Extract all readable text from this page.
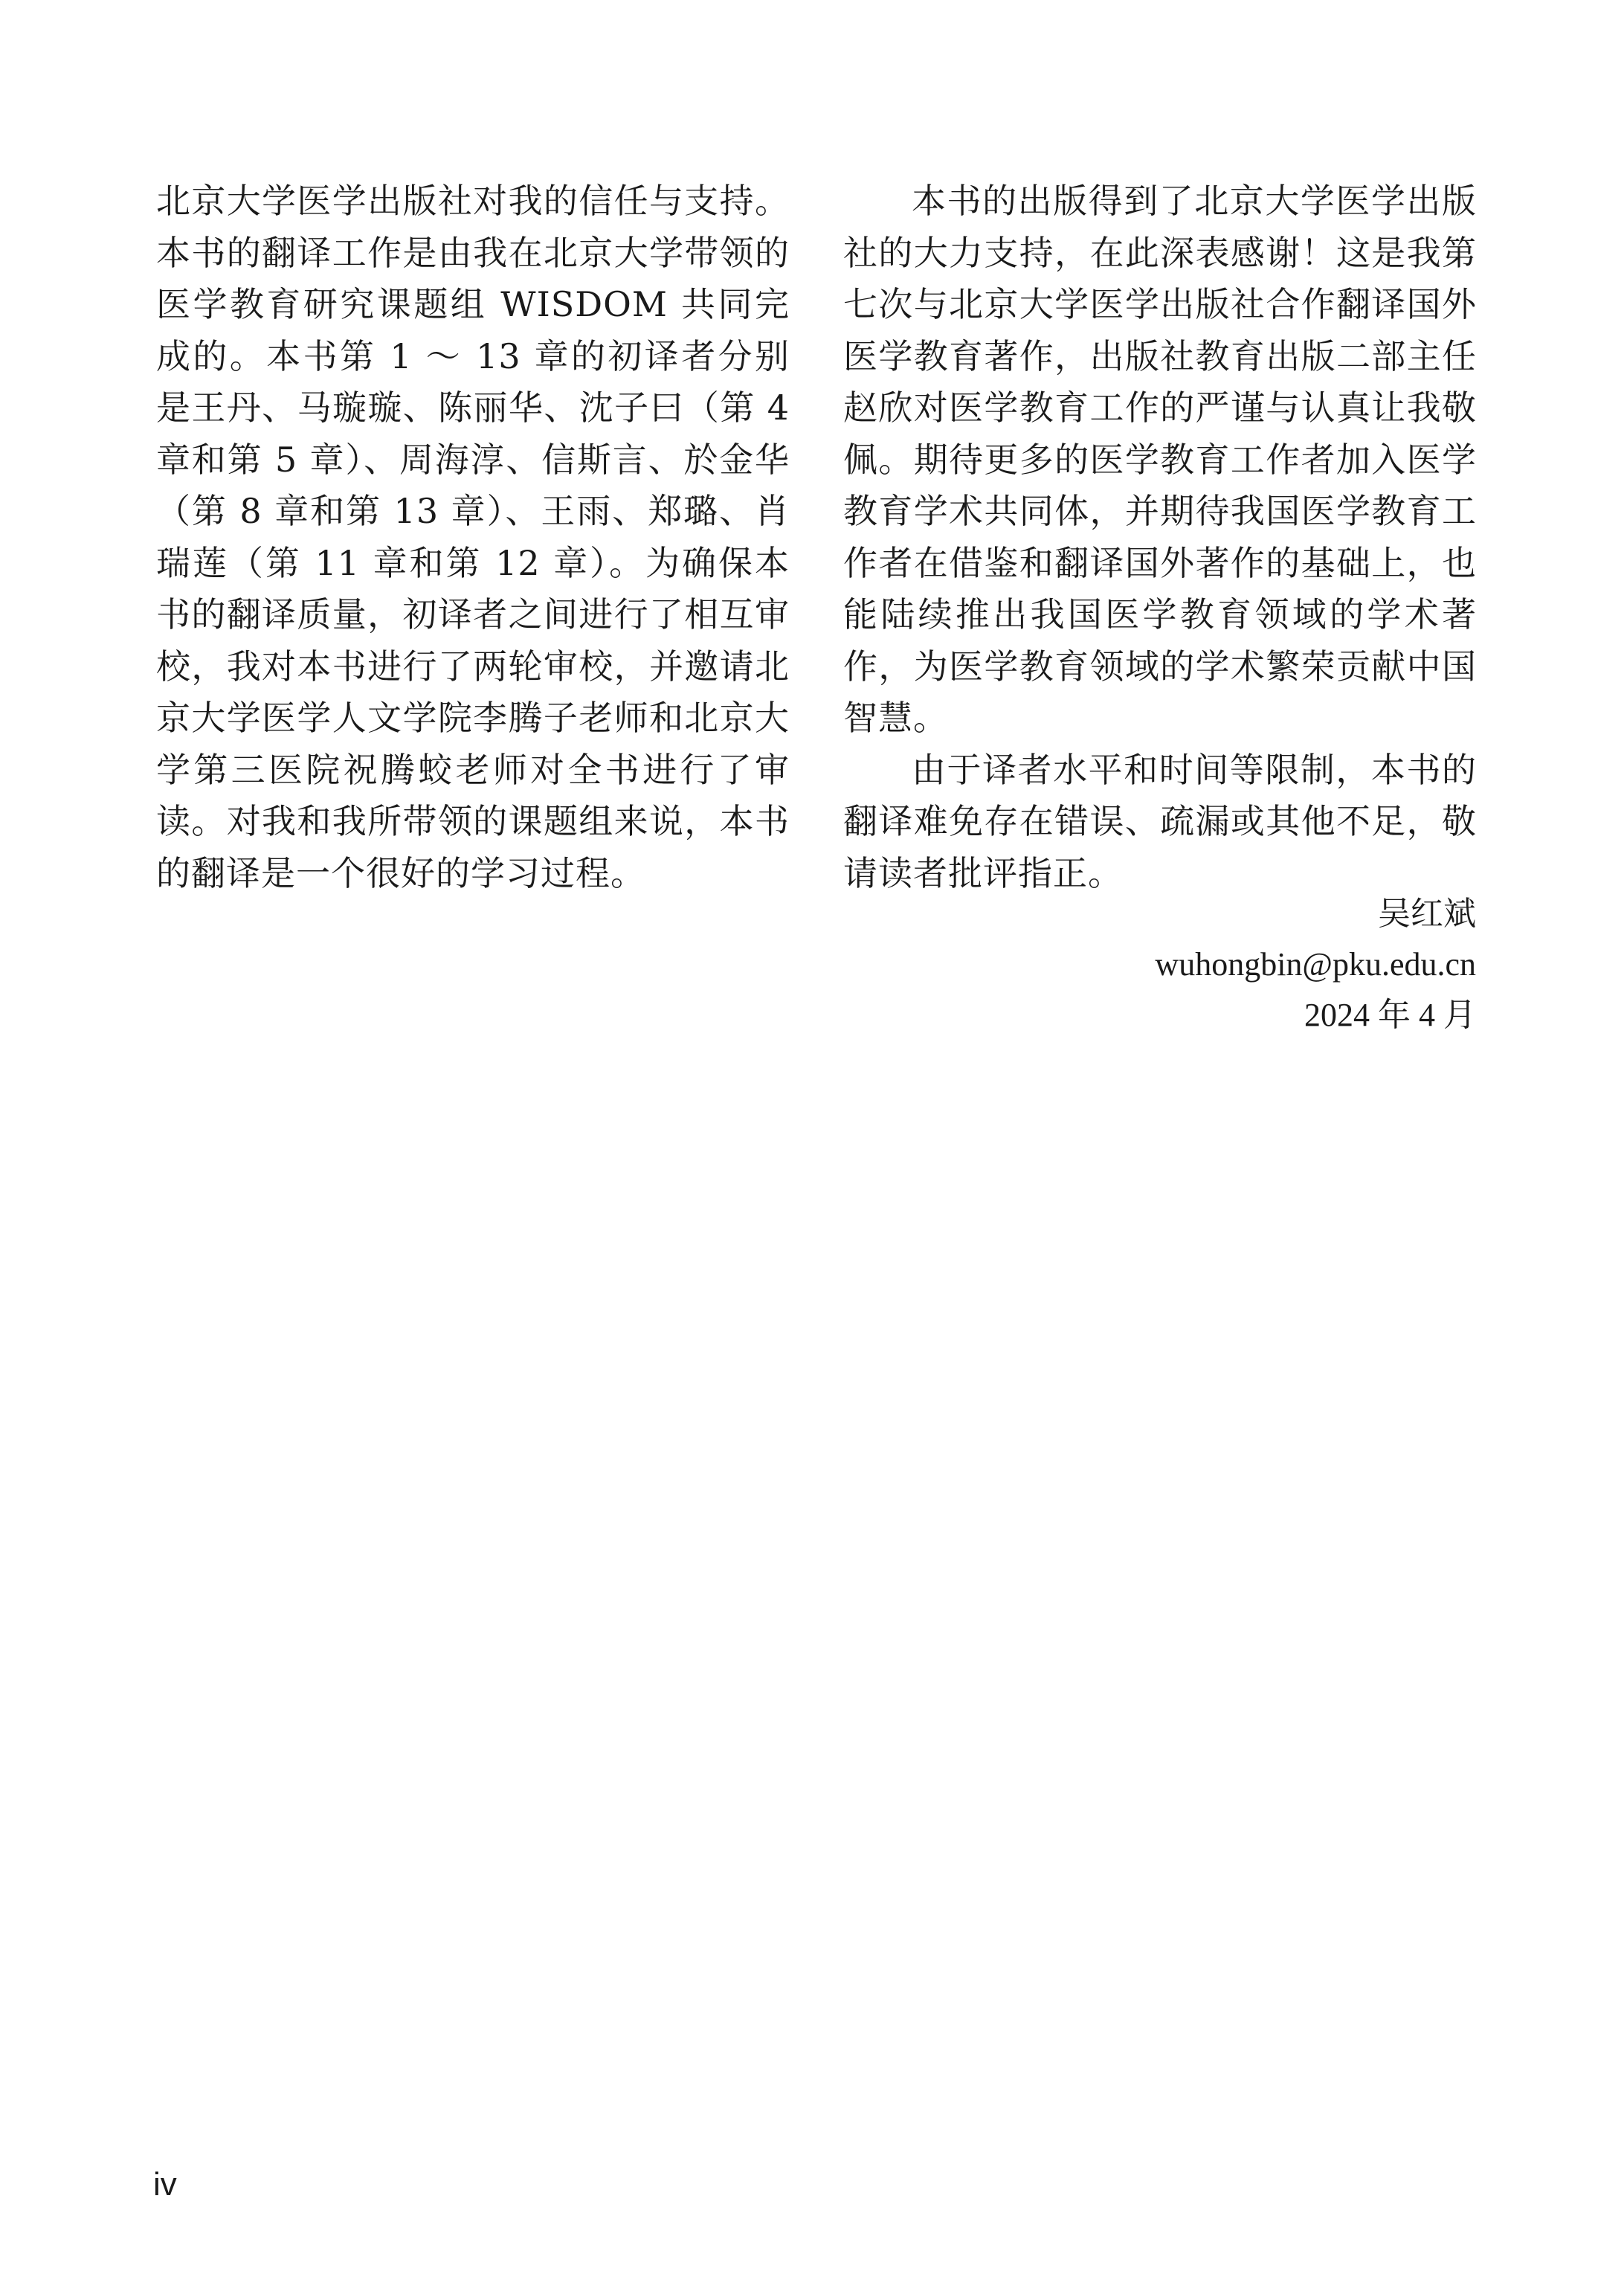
北京大学医学出版社对我的信任与支持。本书的翻译工作是由我在北京大学带领的医学教育研究课题组 WISDOM 共同完成的。本书第 1 ～ 13 章的初译者分别是王丹、马璇璇、陈丽华、沈子曰（第 4 章和第 5 章）、周海淳、信斯言、於金华（第 8 章和第 13 章）、王雨、郑璐、肖瑞莲（第 11 章和第 12 章）。为确保本书的翻译质量，初译者之间进行了相互审校，我对本书进行了两轮审校，并邀请北京大学医学人文学院李腾子老师和北京大学第三医院祝腾蛟老师对全书进行了审读。对我和我所带领的课题组来说，本书的翻译是一个很好的学习过程。

本书的出版得到了北京大学医学出版社的大力支持，在此深表感谢！这是我第七次与北京大学医学出版社合作翻译国外医学教育著作，出版社教育出版二部主任赵欣对医学教育工作的严谨与认真让我敬佩。期待更多的医学教育工作者加入医学教育学术共同体，并期待我国医学教育工作者在借鉴和翻译国外著作的基础上，也能陆续推出我国医学教育领域的学术著作，为医学教育领域的学术繁荣贡献中国智慧。

由于译者水平和时间等限制，本书的翻译难免存在错误、疏漏或其他不足，敬请读者批评指正。

吴红斌
wuhongbin@pku.edu.cn
2024 年 4 月
iv
